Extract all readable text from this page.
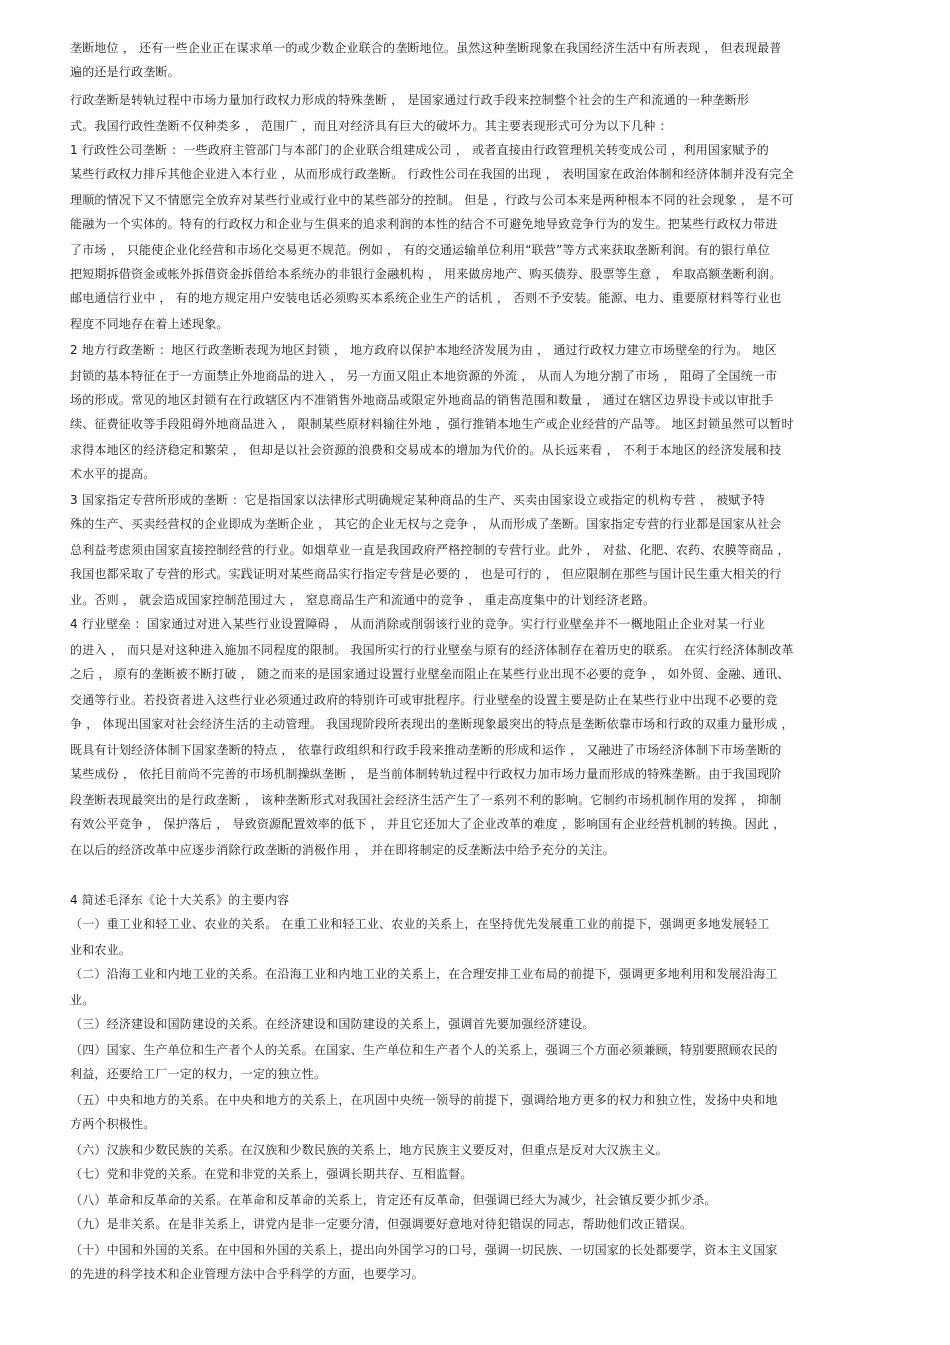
垄断地位 ， 还有一些企业正在谋求单一的或少数企业联合的垄断地位。虽然这种垄断现象在我国经济生活中有所表现 ， 但表现最普
遍的还是行政垄断。
行政垄断是转轨过程中市场力量加行政权力形成的特殊垄断 ， 是国家通过行政手段来控制整个社会的生产和流通的一种垄断形
式。我国行政性垄断不仅种类多 ， 范围广 ，而且对经济具有巨大的破坏力。其主要表现形式可分为以下几种 ：
1 行政性公司垄断 ：一些政府主管部门与本部门的企业联合组建成公司 ， 或者直接由行政管理机关转变成公司 ，利用国家赋予的
某些行政权力排斥其他企业进入本行业 ，从而形成行政垄断。 行政性公司在我国的出现 ， 表明国家在政治体制和经济体制并没有完全
理顺的情况下又不情愿完全放弃对某些行业或行业中的某些部分的控制。 但是 ，行政与公司本来是两种根本不同的社会现象 ， 是不可
能融为一个实体的。特有的行政权力和企业与生俱来的追求利润的本性的结合不可避免地导致竞争行为的发生。把某些行政权力带进
了市场 ， 只能使企业化经营和市场化交易更不规范。例如 ， 有的交通运输单位利用“联营”等方式来获取垄断利润。有的银行单位
把短期拆借资金或帐外拆借资金拆借给本系统办的非银行金融机构 ， 用来做房地产、购买债券、股票等生意 ， 牟取高额垄断利润。
邮电通信行业中 ， 有的地方规定用户安装电话必须购买本系统企业生产的话机 ， 否则不予安装。能源、电力、重要原材料等行业也
程度不同地存在着上述现象。
2 地方行政垄断 ：地区行政垄断表现为地区封锁 ， 地方政府以保护本地经济发展为由 ， 通过行政权力建立市场壁垒的行为。 地区
封锁的基本特征在于一方面禁止外地商品的进入 ， 另一方面又阻止本地资源的外流 ， 从而人为地分割了市场 ， 阻碍了全国统一市
场的形成。常见的地区封锁有在行政辖区内不准销售外地商品或限定外地商品的销售范围和数量 ， 通过在辖区边界设卡或以审批手
续、征费征收等手段阻碍外地商品进入 ， 限制某些原材料输往外地 ，强行推销本地生产或企业经营的产品等。 地区封锁虽然可以暂时
求得本地区的经济稳定和繁荣 ， 但却是以社会资源的浪费和交易成本的增加为代价的。从长远来看 ， 不利于本地区的经济发展和技
术水平的提高。
3 国家指定专营所形成的垄断 ：它是指国家以法律形式明确规定某种商品的生产、买卖由国家设立或指定的机构专营 ， 被赋予特
殊的生产、买卖经营权的企业即成为垄断企业 ， 其它的企业无权与之竞争 ， 从而形成了垄断。国家指定专营的行业都是国家从社会
总利益考虑须由国家直接控制经营的行业。如烟草业一直是我国政府严格控制的专营行业。此外 ， 对盐、化肥、农药、农膜等商品 ，
我国也都采取了专营的形式。实践证明对某些商品实行指定专营是必要的 ， 也是可行的 ， 但应限制在那些与国计民生重大相关的行
业。否则 ， 就会造成国家控制范围过大 ， 窒息商品生产和流通中的竞争 ， 重走高度集中的计划经济老路。
4 行业壁垒 ：国家通过对进入某些行业设置障碍 ， 从而消除或削弱该行业的竞争。实行行业壁垒并不一概地阻止企业对某一行业
的进入 ， 而只是对这种进入施加不同程度的限制。 我国所实行的行业壁垒与原有的经济体制存在着历史的联系。 在实行经济体制改革
之后 ， 原有的垄断被不断打破 ， 随之而来的是国家通过设置行业壁垒而阻止在某些行业出现不必要的竞争 ， 如外贸、金融、通讯、
交通等行业。若投资者进入这些行业必须通过政府的特别许可或审批程序。行业壁垒的设置主要是防止在某些行业中出现不必要的竞
争 ， 体现出国家对社会经济生活的主动管理。 我国现阶段所表现出的垄断现象最突出的特点是垄断依靠市场和行政的双重力量形成 ，
既具有计划经济体制下国家垄断的特点 ， 依靠行政组织和行政手段来推动垄断的形成和运作 ， 又融进了市场经济体制下市场垄断的
某些成份 ， 依托目前尚不完善的市场机制操纵垄断 ， 是当前体制转轨过程中行政权力加市场力量而形成的特殊垄断。由于我国现阶
段垄断表现最突出的是行政垄断 ， 该种垄断形式对我国社会经济生活产生了一系列不利的影响。它制约市场机制作用的发挥 ， 抑制
有效公平竞争 ， 保护落后 ， 导致资源配置效率的低下 ， 并且它还加大了企业改革的难度 ，影响国有企业经营机制的转换。因此 ，
在以后的经济改革中应逐步消除行政垄断的消极作用 ， 并在即将制定的反垄断法中给予充分的关注。
4 简述毛泽东《论十大关系》的主要内容
（一）重工业和轻工业、农业的关系。 在重工业和轻工业、农业的关系上，在坚持优先发展重工业的前提下，强调更多地发展轻工
业和农业。
（二）沿海工业和内地工业的关系。在沿海工业和内地工业的关系上，在合理安排工业布局的前提下，强调更多地利用和发展沿海工
业。
（三）经济建设和国防建设的关系。在经济建设和国防建设的关系上，强调首先要加强经济建设。
（四）国家、生产单位和生产者个人的关系。在国家、生产单位和生产者个人的关系上，强调三个方面必须兼顾，特别要照顾农民的
利益，还要给工厂一定的权力，一定的独立性。
（五）中央和地方的关系。在中央和地方的关系上，在巩固中央统一领导的前提下，强调给地方更多的权力和独立性，发扬中央和地
方两个积极性。
（六）汉族和少数民族的关系。在汉族和少数民族的关系上，地方民族主义要反对，但重点是反对大汉族主义。
（七）党和非党的关系。在党和非党的关系上，强调长期共存、互相监督。
（八）革命和反革命的关系。在革命和反革命的关系上，肯定还有反革命，但强调已经大为减少，社会镇反要少抓少杀。
（九）是非关系。在是非关系上，讲党内是非一定要分清，但强调要好意地对待犯错误的同志，帮助他们改正错误。
（十）中国和外国的关系。在中国和外国的关系上，提出向外国学习的口号，强调一切民族、一切国家的长处都要学，资本主义国家
的先进的科学技术和企业管理方法中合乎科学的方面，也要学习。
